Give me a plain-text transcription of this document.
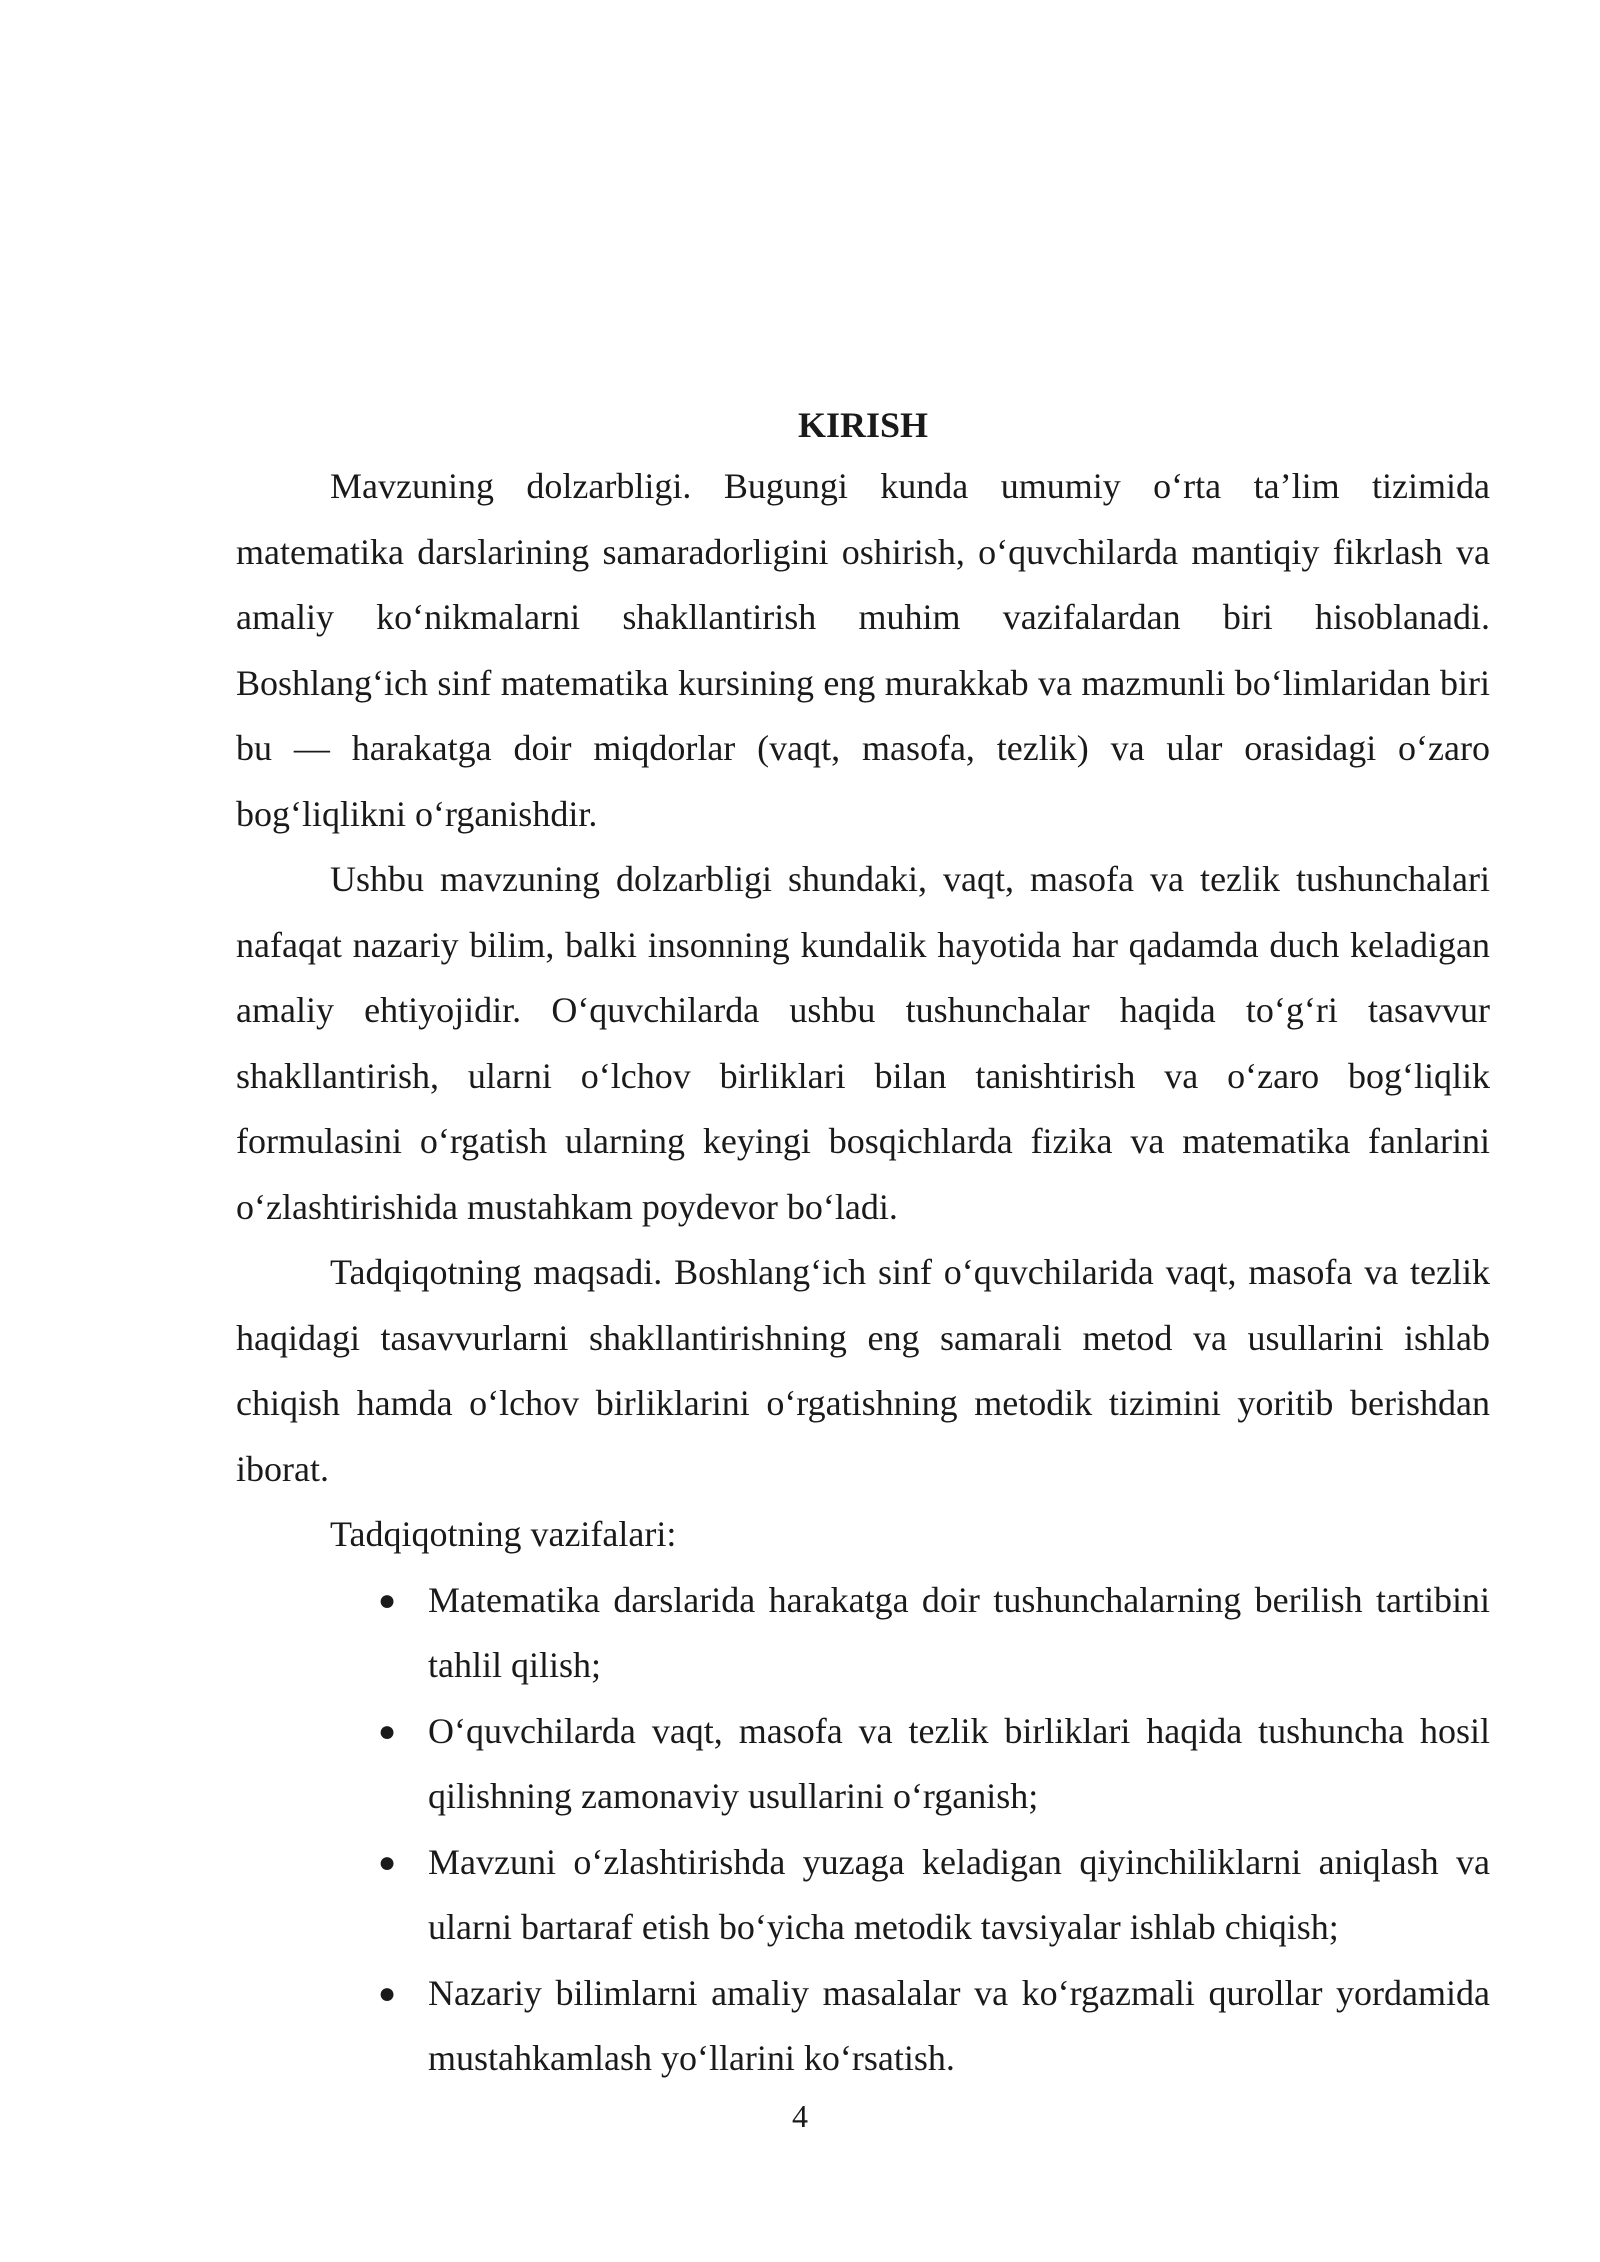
KIRISH

Mavzuning dolzarbligi. Bugungi kunda umumiy o‘rta ta’lim tizimida matematika darslarining samaradorligini oshirish, o‘quvchilarda mantiqiy fikrlash va amaliy ko‘nikmalarni shakllantirish muhim vazifalardan biri hisoblanadi. Boshlang‘ich sinf matematika kursining eng murakkab va mazmunli bo‘limlaridan biri bu — harakatga doir miqdorlar (vaqt, masofa, tezlik) va ular orasidagi o‘zaro bog‘liqlikni o‘rganishdir.

Ushbu mavzuning dolzarbligi shundaki, vaqt, masofa va tezlik tushunchalari nafaqat nazariy bilim, balki insonning kundalik hayotida har qadamda duch keladigan amaliy ehtiyojidir. O‘quvchilarda ushbu tushunchalar haqida to‘g‘ri tasavvur shakllantirish, ularni o‘lchov birliklari bilan tanishtirish va o‘zaro bog‘liqlik formulasini o‘rgatish ularning keyingi bosqichlarda fizika va matematika fanlarini o‘zlashtirishida mustahkam poydevor bo‘ladi.

Tadqiqotning maqsadi. Boshlang‘ich sinf o‘quvchilarida vaqt, masofa va tezlik haqidagi tasavvurlarni shakllantirishning eng samarali metod va usullarini ishlab chiqish hamda o‘lchov birliklarini o‘rgatishning metodik tizimini yoritib berishdan iborat.

Tadqiqotning vazifalari:

● Matematika darslarida harakatga doir tushunchalarning berilish tartibini tahlil qilish;
● O‘quvchilarda vaqt, masofa va tezlik birliklari haqida tushuncha hosil qilishning zamonaviy usullarini o‘rganish;
● Mavzuni o‘zlashtirishda yuzaga keladigan qiyinchiliklarni aniqlash va ularni bartaraf etish bo‘yicha metodik tavsiyalar ishlab chiqish;
● Nazariy bilimlarni amaliy masalalar va ko‘rgazmali qurollar yordamida mustahkamlash yo‘llarini ko‘rsatish.
4
